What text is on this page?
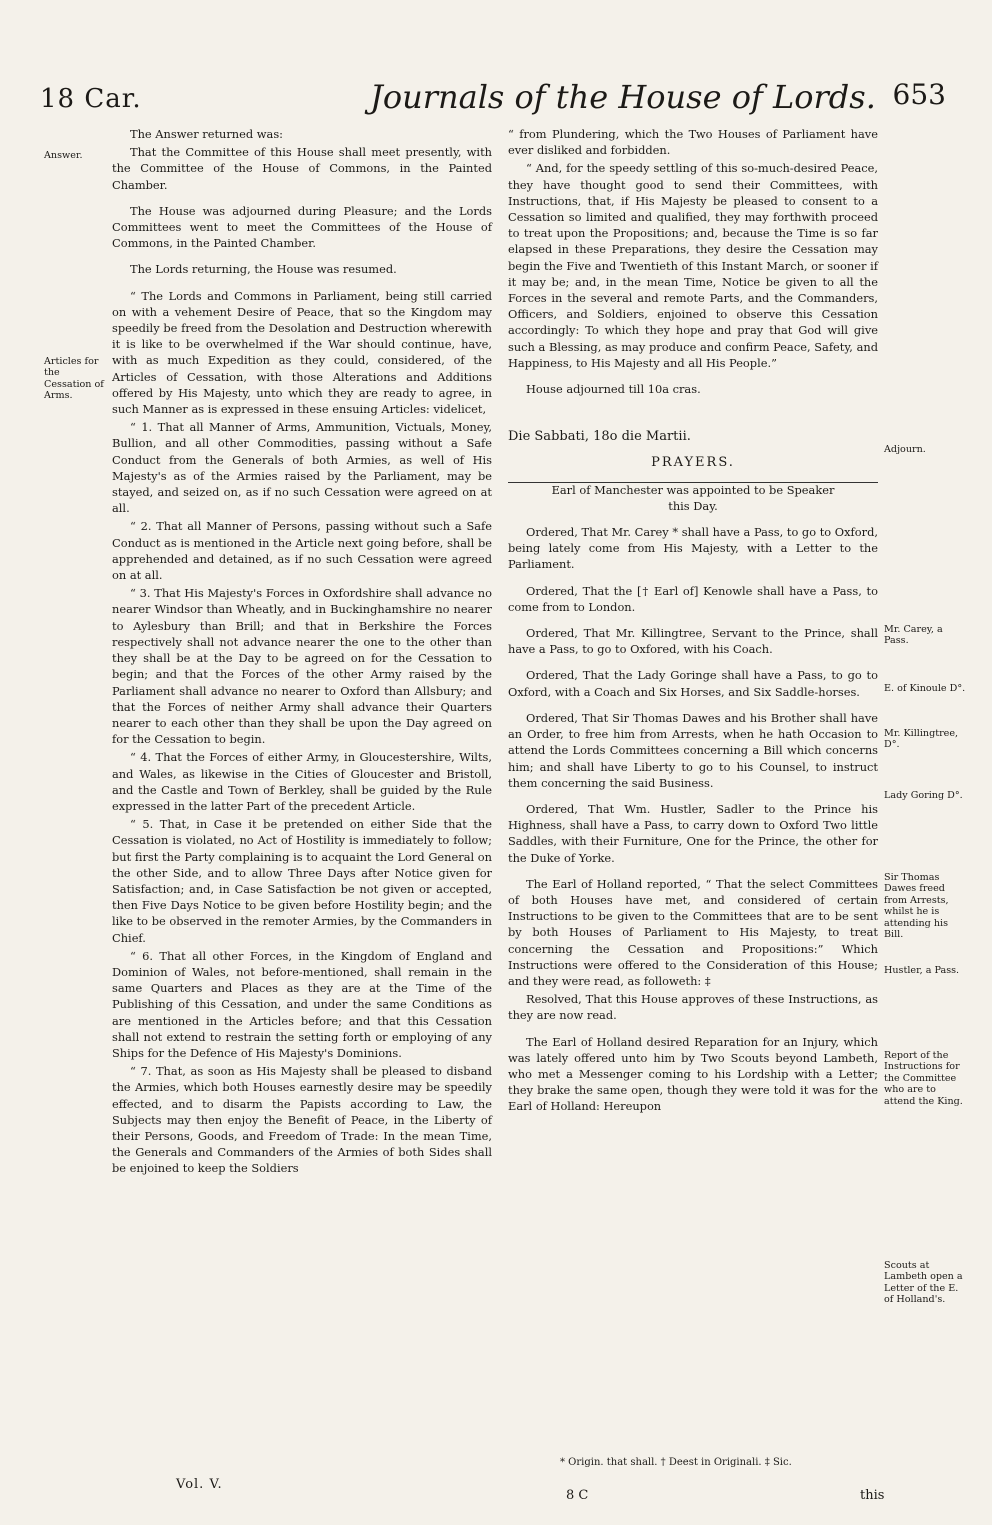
18 Car.	Journals of the House of Lords. 653
Answer.
Articles for the Cessation of Arms.

The Answer returned was:

That the Committee of this House shall meet presently, with the Committee of the House of Commons, in the Painted Chamber.

The House was adjourned during Pleasure; and the Lords Committees went to meet the Committees of the House of Commons, in the Painted Chamber.

The Lords returning, the House was resumed.

“ The Lords and Commons in Parliament, being still carried on with a vehement Desire of Peace, that so the Kingdom may speedily be freed from the Desolation and Destruction wherewith it is like to be overwhelmed if the War should continue, have, with as much Expedition as they could, considered, of the Articles of Cessation, with those Alterations and Additions offered by His Majesty, unto which they are ready to agree, in such Manner as is expressed in these ensuing Articles: videlicet,

“ 1. That all Manner of Arms, Ammunition, Victuals, Money, Bullion, and all other Commodities, passing without a Safe Conduct from the Generals of both Armies, as well of His Majesty's as of the Armies raised by the Parliament, may be stayed, and seized on, as if no such Cessation were agreed on at all.

“ 2. That all Manner of Persons, passing without such a Safe Conduct as is mentioned in the Article next going before, shall be apprehended and detained, as if no such Cessation were agreed on at all.

“ 3. That His Majesty's Forces in Oxfordshire shall advance no nearer Windsor than Wheatly, and in Buckinghamshire no nearer to Aylesbury than Brill; and that in Berkshire the Forces respectively shall not advance nearer the one to the other than they shall be at the Day to be agreed on for the Cessation to begin; and that the Forces of the other Army raised by the Parliament shall advance no nearer to Oxford than Allsbury; and that the Forces of neither Army shall advance their Quarters nearer to each other than they shall be upon the Day agreed on for the Cessation to begin.

“ 4. That the Forces of either Army, in Gloucestershire, Wilts, and Wales, as likewise in the Cities of Gloucester and Bristoll, and the Castle and Town of Berkley, shall be guided by the Rule expressed in the latter Part of the precedent Article.

“ 5. That, in Case it be pretended on either Side that the Cessation is violated, no Act of Hostility is immediately to follow; but first the Party complaining is to acquaint the Lord General on the other Side, and to allow Three Days after Notice given for Satisfaction; and, in Case Satisfaction be not given or accepted, then Five Days Notice to be given before Hostility begin; and the like to be observed in the remoter Armies, by the Commanders in Chief.

“ 6. That all other Forces, in the Kingdom of England and Dominion of Wales, not before-mentioned, shall remain in the same Quarters and Places as they are at the Time of the Publishing of this Cessation, and under the same Conditions as are mentioned in the Articles before; and that this Cessation shall not extend to restrain the setting forth or employing of any Ships for the Defence of His Majesty's Dominions.

“ 7. That, as soon as His Majesty shall be pleased to disband the Armies, which both Houses earnestly desire may be speedily effected, and to disarm the Papists according to Law, the Subjects may then enjoy the Benefit of Peace, in the Liberty of their Persons, Goods, and Freedom of Trade: In the mean Time, the Generals and Commanders of the Armies of both Sides shall be enjoined to keep the Soldiers

“ from Plundering, which the Two Houses of Parliament have ever disliked and forbidden.

“ And, for the speedy settling of this so-much-desired Peace, they have thought good to send their Committees, with Instructions, that, if His Majesty be pleased to consent to a Cessation so limited and qualified, they may forthwith proceed to treat upon the Propositions; and, because the Time is so far elapsed in these Preparations, they desire the Cessation may begin the Five and Twentieth of this Instant March, or sooner if it may be; and, in the mean Time, Notice be given to all the Forces in the several and remote Parts, and the Commanders, Officers, and Soldiers, enjoined to observe this Cessation accordingly: To which they hope and pray that God will give such a Blessing, as may produce and confirm Peace, Safety, and Happiness, to His Majesty and all His People.”

House adjourned till 10a cras.

Die Sabbati, 18o die Martii.

PRAYERS.

Earl of Manchester was appointed to be Speaker this Day.

Ordered, That Mr. Carey * shall have a Pass, to go to Oxford, being lately come from His Majesty, with a Letter to the Parliament.

Ordered, That the [† Earl of] Kenowle shall have a Pass, to come from to London.

Ordered, That Mr. Killingtree, Servant to the Prince, shall have a Pass, to go to Oxfored, with his Coach.

Ordered, That the Lady Goringe shall have a Pass, to go to Oxford, with a Coach and Six Horses, and Six Saddle-horses.

Ordered, That Sir Thomas Dawes and his Brother shall have an Order, to free him from Arrests, when he hath Occasion to attend the Lords Committees concerning a Bill which concerns him; and shall have Liberty to go to his Counsel, to instruct them concerning the said Business.

Ordered, That Wm. Hustler, Sadler to the Prince his Highness, shall have a Pass, to carry down to Oxford Two little Saddles, with their Furniture, One for the Prince, the other for the Duke of Yorke.

The Earl of Holland reported, “ That the select Committees of both Houses have met, and considered of certain Instructions to be given to the Committees that are to be sent by both Houses of Parliament to His Majesty, to treat concerning the Cessation and Propositions:” Which Instructions were offered to the Consideration of this House; and they were read, as followeth: ‡

Resolved, That this House approves of these Instructions, as they are now read.

The Earl of Holland desired Reparation for an Injury, which was lately offered unto him by Two Scouts beyond Lambeth, who met a Messenger coming to his Lordship with a Letter; they brake the same open, though they were told it was for the Earl of Holland: Hereupon

Adjourn.
Mr. Carey, a Pass.
E. of Kinoule D°.
Mr. Killingtree, D°.
Lady Goring D°.
Sir Thomas Dawes freed from Arrests, whilst he is attending his Bill.
Hustler, a Pass.
Report of the Instructions for the Committee who are to attend the King.
Scouts at Lambeth open a Letter of the E. of Holland's.
* Origin. that shall. † Deest in Originali. ‡ Sic.
Vol. V.
8 C	this
